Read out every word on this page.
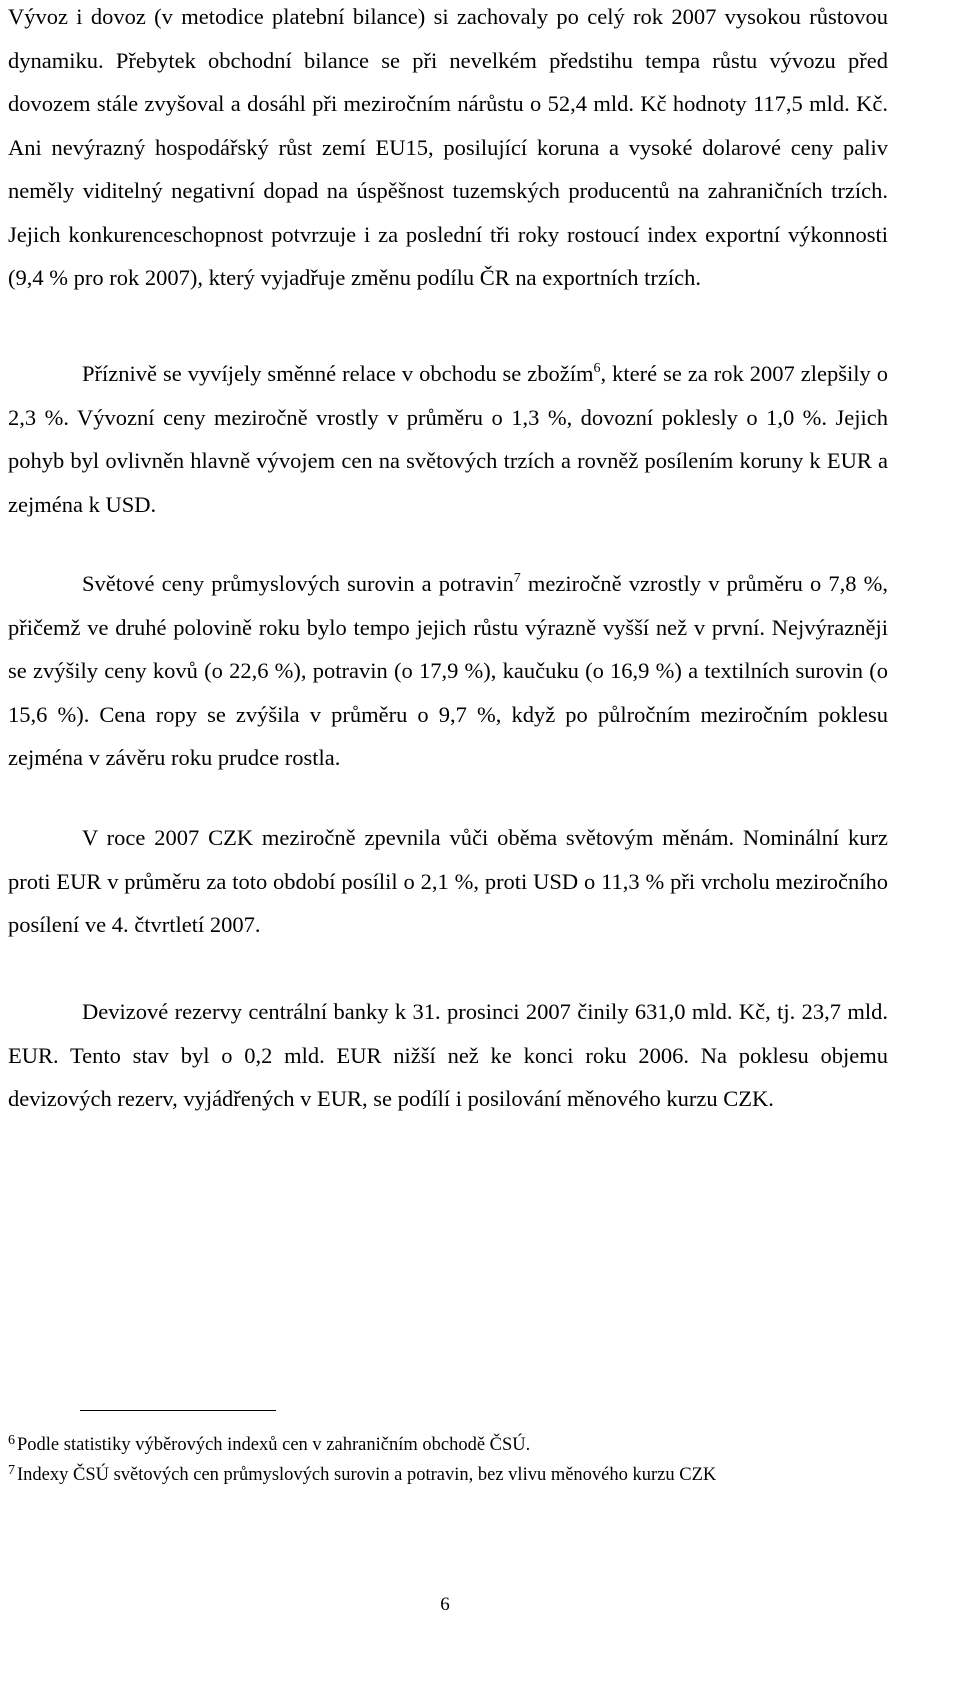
Vývoz i dovoz (v metodice platební bilance) si zachovaly po celý rok 2007 vysokou růstovou dynamiku. Přebytek obchodní bilance se při nevelkém předstihu tempa růstu vývozu před dovozem stále zvyšoval a dosáhl při meziročním nárůstu o 52,4 mld. Kč hodnoty 117,5 mld. Kč. Ani nevýrazný hospodářský růst zemí EU15, posilující koruna a vysoké dolarové ceny paliv neměly viditelný negativní dopad na úspěšnost tuzemských producentů na zahraničních trzích. Jejich konkurenceschopnost potvrzuje i za poslední tři roky rostoucí index exportní výkonnosti (9,4 % pro rok 2007), který vyjadřuje změnu podílu ČR na exportních trzích.

Příznivě se vyvíjely směnné relace v obchodu se zbožím$^6$, které se za rok 2007 zlepšily o 2,3 %. Vývozní ceny meziročně vrostly v průměru o 1,3 %, dovozní poklesly o 1,0 %. Jejich pohyb byl ovlivněn hlavně vývojem cen na světových trzích a rovněž posílením koruny k EUR a zejména k USD.

Světové ceny průmyslových surovin a potravin$^7$ meziročně vzrostly v průměru o 7,8 %, přičemž ve druhé polovině roku bylo tempo jejich růstu výrazně vyšší než v první. Nejvýrazněji se zvýšily ceny kovů (o 22,6 %), potravin (o 17,9 %), kaučuku (o 16,9 %) a textilních surovin (o 15,6 %). Cena ropy se zvýšila v průměru o 9,7 %, když po půlročním meziročním poklesu zejména v závěru roku prudce rostla.

V roce 2007 CZK meziročně zpevnila vůči oběma světovým měnám. Nominální kurz proti EUR v průměru za toto období posílil o 2,1 %, proti USD o 11,3 % při vrcholu meziročního posílení ve 4. čtvrtletí 2007.

Devizové rezervy centrální banky k 31. prosinci 2007 činily 631,0 mld. Kč, tj. 23,7 mld. EUR. Tento stav byl o 0,2 mld. EUR nižší než ke konci roku 2006. Na poklesu objemu devizových rezerv, vyjádřených v EUR, se podílí i posilování měnového kurzu CZK.

$^6$ Podle statistiky výběrových indexů cen v zahraničním obchodě ČSÚ.

$^7$ Indexy ČSÚ světových cen průmyslových surovin a potravin, bez vlivu měnového kurzu CZK

6
